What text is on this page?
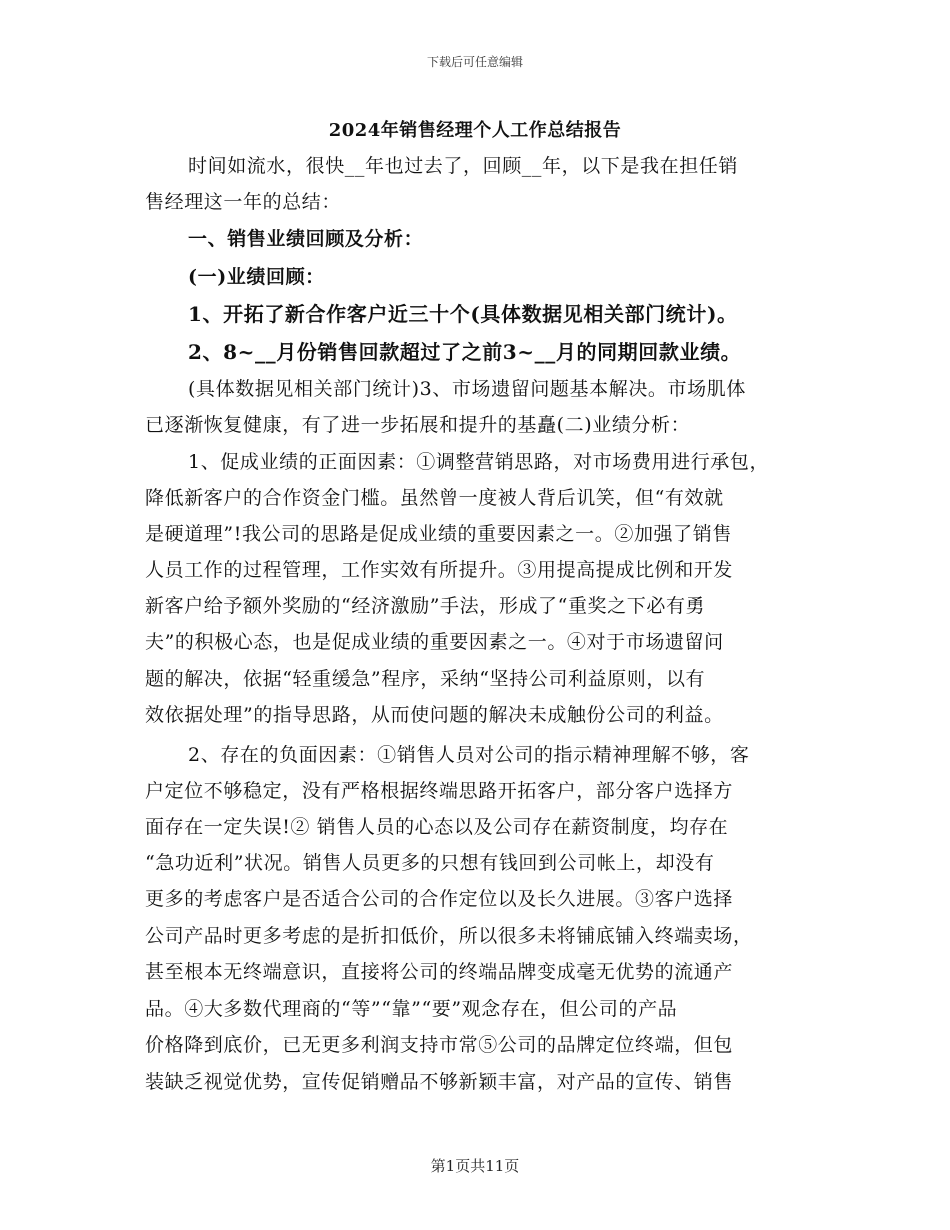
下载后可任意编辑
2024年销售经理个人工作总结报告
时间如流水，很快__年也过去了，回顾__年，以下是我在担任销
售经理这一年的总结：
一、销售业绩回顾及分析：
(一)业绩回顾：
1、开拓了新合作客户近三十个(具体数据见相关部门统计)。
2、8~__月份销售回款超过了之前3~__月的同期回款业绩。
(具体数据见相关部门统计)3、市场遗留问题基本解决。市场肌体
已逐渐恢复健康，有了进一步拓展和提升的基矗(二)业绩分析：
1、促成业绩的正面因素：①调整营销思路，对市场费用进行承包，
降低新客户的合作资金门槛。虽然曾一度被人背后讥笑，但“有效就
是硬道理”!我公司的思路是促成业绩的重要因素之一。②加强了销售
人员工作的过程管理，工作实效有所提升。③用提高提成比例和开发
新客户给予额外奖励的“经济激励”手法，形成了“重奖之下必有勇
夫”的积极心态，也是促成业绩的重要因素之一。④对于市场遗留问
题的解决，依据“轻重缓急”程序，采纳“坚持公司利益原则，以有
效依据处理”的指导思路，从而使问题的解决未成触份公司的利益。
2、存在的负面因素：①销售人员对公司的指示精神理解不够，客
户定位不够稳定，没有严格根据终端思路开拓客户，部分客户选择方
面存在一定失误!② 销售人员的心态以及公司存在薪资制度，均存在
“急功近利”状况。销售人员更多的只想有钱回到公司帐上，却没有
更多的考虑客户是否适合公司的合作定位以及长久进展。③客户选择
公司产品时更多考虑的是折扣低价，所以很多未将铺底铺入终端卖场，
甚至根本无终端意识，直接将公司的终端品牌变成毫无优势的流通产
品。④大多数代理商的“等”“靠”“要”观念存在，但公司的产品
价格降到底价，已无更多利润支持市常⑤公司的品牌定位终端，但包
装缺乏视觉优势，宣传促销赠品不够新颖丰富，对产品的宣传、销售
第1页共11页
